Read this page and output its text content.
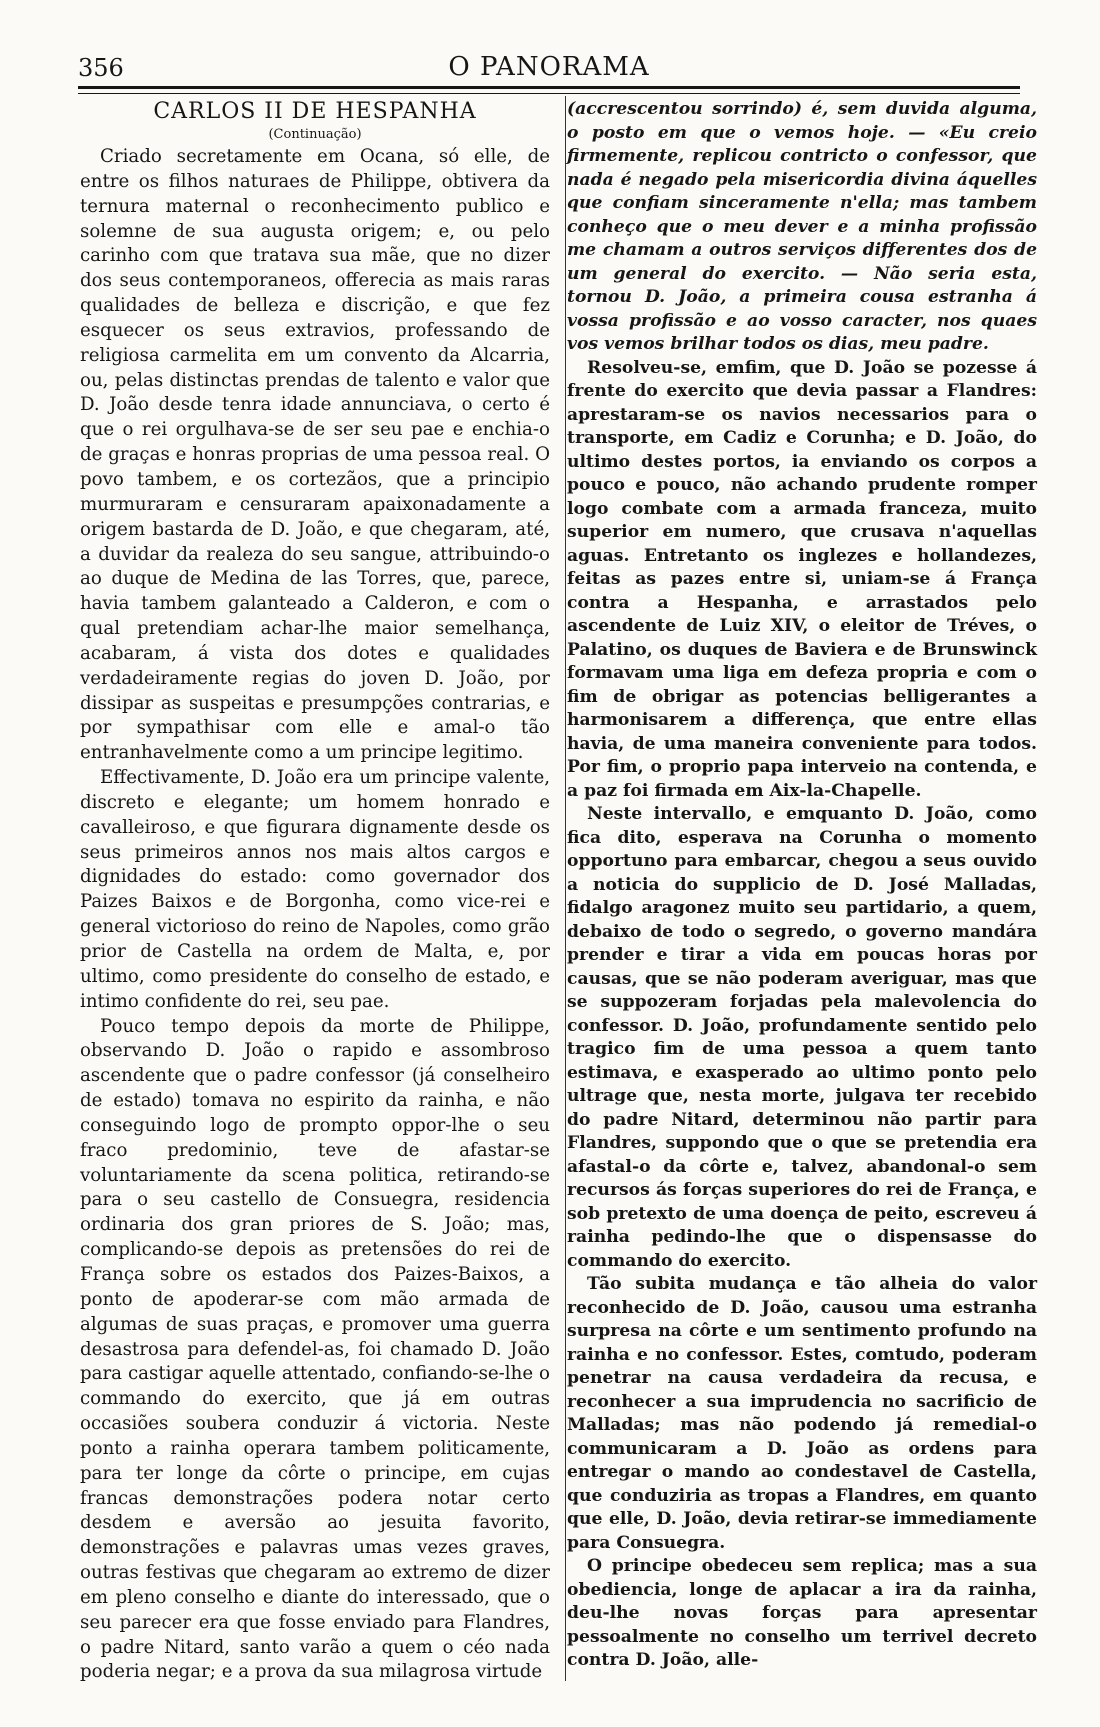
356	O PANORAMA
CARLOS II DE HESPANHA
(Continuação)

Criado secretamente em Ocana, só elle, de entre os filhos naturaes de Philippe, obtivera da ternura maternal o reconhecimento publico e solemne de sua augusta origem; e, ou pelo carinho com que tratava sua mãe, que no dizer dos seus contemporaneos, offerecia as mais raras qualidades de belleza e discrição, e que fez esquecer os seus extravios, professando de religiosa carmelita em um convento da Alcarria, ou, pelas distinctas prendas de talento e valor que D. João desde tenra idade annunciava, o certo é que o rei orgulhava-se de ser seu pae e enchia-o de graças e honras proprias de uma pessoa real. O povo tambem, e os cortezãos, que a principio murmuraram e censuraram apaixonadamente a origem bastarda de D. João, e que chegaram, até, a duvidar da realeza do seu sangue, attribuindo-o ao duque de Medina de las Torres, que, parece, havia tambem galanteado a Calderon, e com o qual pretendiam achar-lhe maior semelhança, acabaram, á vista dos dotes e qualidades verdadeiramente regias do joven D. João, por dissipar as suspeitas e presumpções contrarias, e por sympathisar com elle e amal-o tão entranhavelmente como a um principe legitimo.

Effectivamente, D. João era um principe valente, discreto e elegante; um homem honrado e cavalleiroso, e que figurara dignamente desde os seus primeiros annos nos mais altos cargos e dignidades do estado: como governador dos Paizes Baixos e de Borgonha, como vice-rei e general victorioso do reino de Napoles, como grão prior de Castella na ordem de Malta, e, por ultimo, como presidente do conselho de estado, e intimo confidente do rei, seu pae.

Pouco tempo depois da morte de Philippe, observando D. João o rapido e assombroso ascendente que o padre confessor (já conselheiro de estado) tomava no espirito da rainha, e não conseguindo logo de prompto oppor-lhe o seu fraco predominio, teve de afastar-se voluntariamente da scena politica, retirando-se para o seu castello de Consuegra, residencia ordinaria dos gran priores de S. João; mas, complicando-se depois as pretensões do rei de França sobre os estados dos Paizes-Baixos, a ponto de apoderar-se com mão armada de algumas de suas praças, e promover uma guerra desastrosa para defendel-as, foi chamado D. João para castigar aquelle attentado, confiando-se-lhe o commando do exercito, que já em outras occasiões soubera conduzir á victoria. Neste ponto a rainha operara tambem politicamente, para ter longe da côrte o principe, em cujas francas demonstrações podera notar certo desdem e aversão ao jesuita favorito, demonstrações e palavras umas vezes graves, outras festivas que chegaram ao extremo de dizer em pleno conselho e diante do interessado, que o seu parecer era que fosse enviado para Flandres, o padre Nitard, santo varão a quem o céo nada poderia negar; e a prova da sua milagrosa virtude

(accrescentou sorrindo) é, sem duvida alguma, o posto em que o vemos hoje. — «Eu creio firmemente, replicou contricto o confessor, que nada é negado pela misericordia divina áquelles que confiam sinceramente n'ella; mas tambem conheço que o meu dever e a minha profissão me chamam a outros serviços differentes dos de um general do exercito. — Não seria esta, tornou D. João, a primeira cousa estranha á vossa profissão e ao vosso caracter, nos quaes vos vemos brilhar todos os dias, meu padre.

Resolveu-se, emfim, que D. João se pozesse á frente do exercito que devia passar a Flandres: aprestaram-se os navios necessarios para o transporte, em Cadiz e Corunha; e D. João, do ultimo destes portos, ia enviando os corpos a pouco e pouco, não achando prudente romper logo combate com a armada franceza, muito superior em numero, que crusava n'aquellas aguas. Entretanto os inglezes e hollandezes, feitas as pazes entre si, uniam-se á França contra a Hespanha, e arrastados pelo ascendente de Luiz XIV, o eleitor de Tréves, o Palatino, os duques de Baviera e de Brunswinck formavam uma liga em defeza propria e com o fim de obrigar as potencias belligerantes a harmonisarem a differença, que entre ellas havia, de uma maneira conveniente para todos. Por fim, o proprio papa interveio na contenda, e a paz foi firmada em Aix-la-Chapelle.

Neste intervallo, e emquanto D. João, como fica dito, esperava na Corunha o momento opportuno para embarcar, chegou a seus ouvido a noticia do supplicio de D. José Malladas, fidalgo aragonez muito seu partidario, a quem, debaixo de todo o segredo, o governo mandára prender e tirar a vida em poucas horas por causas, que se não poderam averiguar, mas que se suppozeram forjadas pela malevolencia do confessor. D. João, profundamente sentido pelo tragico fim de uma pessoa a quem tanto estimava, e exasperado ao ultimo ponto pelo ultrage que, nesta morte, julgava ter recebido do padre Nitard, determinou não partir para Flandres, suppondo que o que se pretendia era afastal-o da côrte e, talvez, abandonal-o sem recursos ás forças superiores do rei de França, e sob pretexto de uma doença de peito, escreveu á rainha pedindo-lhe que o dispensasse do commando do exercito.

Tão subita mudança e tão alheia do valor reconhecido de D. João, causou uma estranha surpresa na côrte e um sentimento profundo na rainha e no confessor. Estes, comtudo, poderam penetrar na causa verdadeira da recusa, e reconhecer a sua imprudencia no sacrificio de Malladas; mas não podendo já remedial-o communicaram a D. João as ordens para entregar o mando ao condestavel de Castella, que conduziria as tropas a Flandres, em quanto que elle, D. João, devia retirar-se immediamente para Consuegra.

O principe obedeceu sem replica; mas a sua obediencia, longe de aplacar a ira da rainha, deu-lhe novas forças para apresentar pessoalmente no conselho um terrivel decreto contra D. João, alle-
